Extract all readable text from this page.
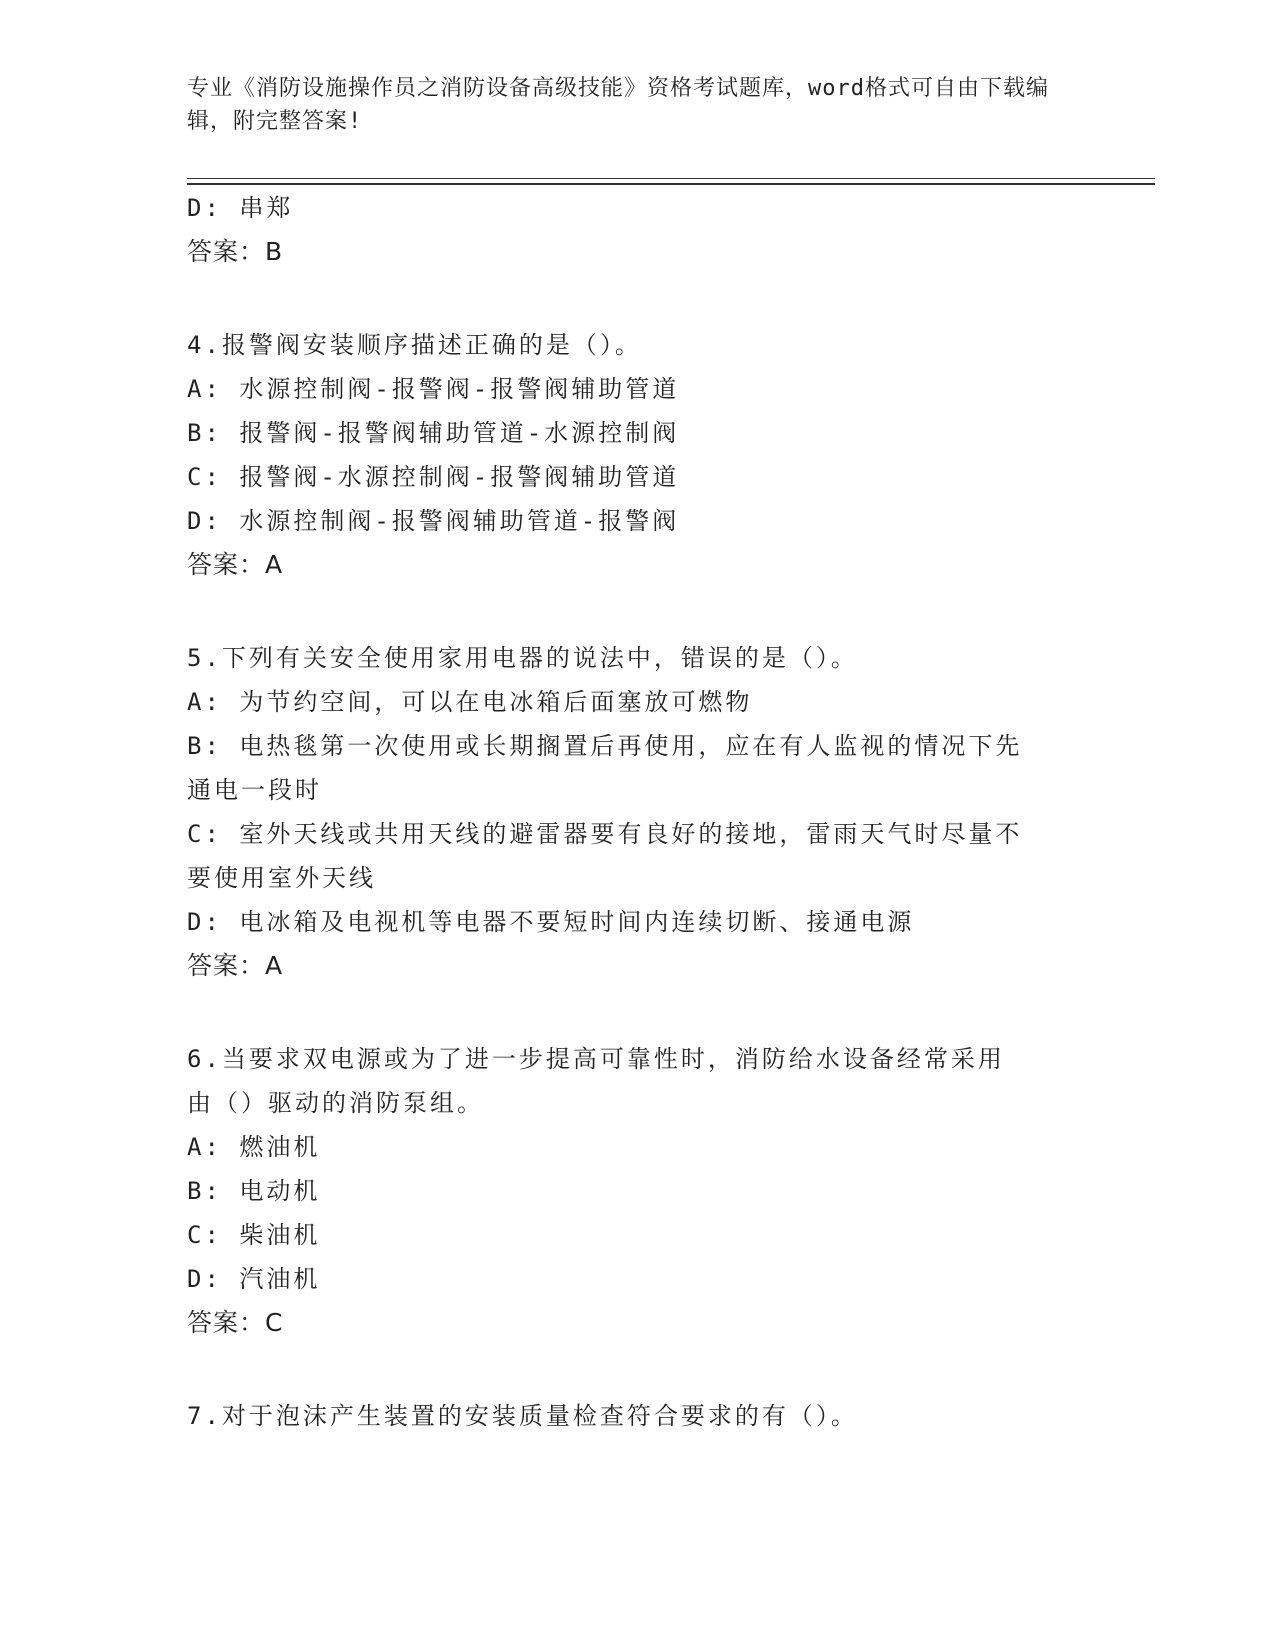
专业《消防设施操作员之消防设备高级技能》资格考试题库，word格式可自由下载编辑，附完整答案!
D: 串郑
答案：B
4.报警阀安装顺序描述正确的是（）。
A: 水源控制阀-报警阀-报警阀辅助管道
B: 报警阀-报警阀辅助管道-水源控制阀
C: 报警阀-水源控制阀-报警阀辅助管道
D: 水源控制阀-报警阀辅助管道-报警阀
答案：A
5.下列有关安全使用家用电器的说法中，错误的是（）。
A: 为节约空间，可以在电冰箱后面塞放可燃物
B: 电热毯第一次使用或长期搁置后再使用，应在有人监视的情况下先
通电一段时
C: 室外天线或共用天线的避雷器要有良好的接地，雷雨天气时尽量不
要使用室外天线
D: 电冰箱及电视机等电器不要短时间内连续切断、接通电源
答案：A
6.当要求双电源或为了进一步提高可靠性时，消防给水设备经常采用
由（）驱动的消防泵组。
A: 燃油机
B: 电动机
C: 柴油机
D: 汽油机
答案：C
7.对于泡沫产生装置的安装质量检查符合要求的有（）。
